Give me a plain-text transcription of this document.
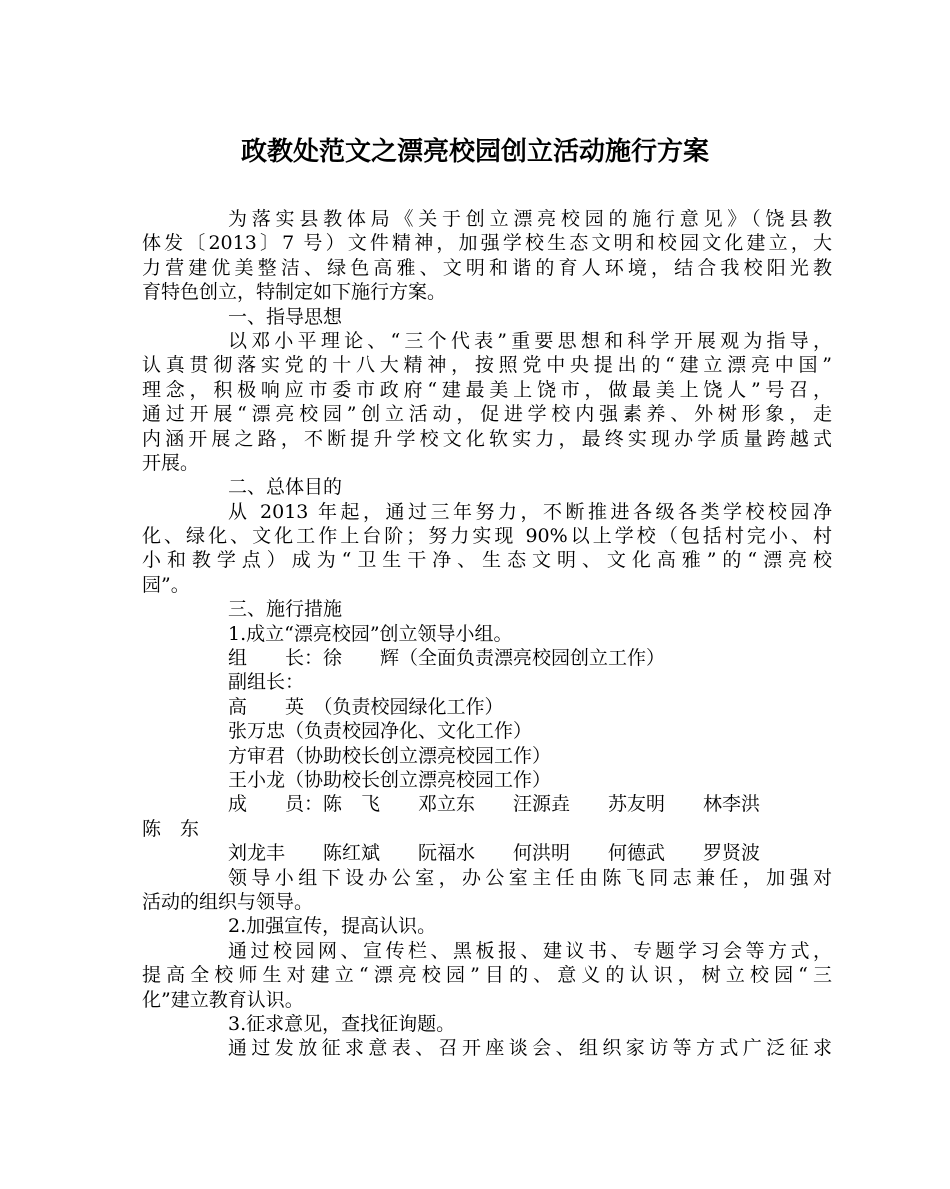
政教处范文之漂亮校园创立活动施行方案
为落实县教体局《关于创立漂亮校园的施行意见》（饶县教
体发〔2013〕7 号）文件精神，加强学校生态文明和校园文化建立，大
力营建优美整洁、绿色高雅、文明和谐的育人环境，结合我校阳光教
育特色创立，特制定如下施行方案。
一、指导思想
以邓小平理论、“三个代表”重要思想和科学开展观为指导，
认真贯彻落实党的十八大精神，按照党中央提出的“建立漂亮中国”
理念，积极响应市委市政府“建最美上饶市，做最美上饶人”号召，
通过开展“漂亮校园”创立活动，促进学校内强素养、外树形象，走
内涵开展之路，不断提升学校文化软实力，最终实现办学质量跨越式
开展。
二、总体目的
从 2013 年起，通过三年努力，不断推进各级各类学校校园净
化、绿化、文化工作上台阶；努力实现 90%以上学校（包括村完小、村
小和教学点）成为“卫生干净、生态文明、文化高雅”的“漂亮校
园”。
三、施行措施
1.成立“漂亮校园”创立领导小组。
组　　长：徐　　辉（全面负责漂亮校园创立工作）
副组长：
高　　英　（负责校园绿化工作）
张万忠（负责校园净化、文化工作）
方审君（协助校长创立漂亮校园工作）
王小龙（协助校长创立漂亮校园工作）
成　　员：陈　飞　　邓立东　　汪源垚　　苏友明　　林李洪
陈　东
刘龙丰　　陈红斌　　阮福水　　何洪明　　何德武　　罗贤波
领导小组下设办公室，办公室主任由陈飞同志兼任，加强对
活动的组织与领导。
2.加强宣传，提高认识。
通过校园网、宣传栏、黑板报、建议书、专题学习会等方式，
提高全校师生对建立“漂亮校园”目的、意义的认识，树立校园“三
化”建立教育认识。
3.征求意见，查找征询题。
通过发放征求意表、召开座谈会、组织家访等方式广泛征求
